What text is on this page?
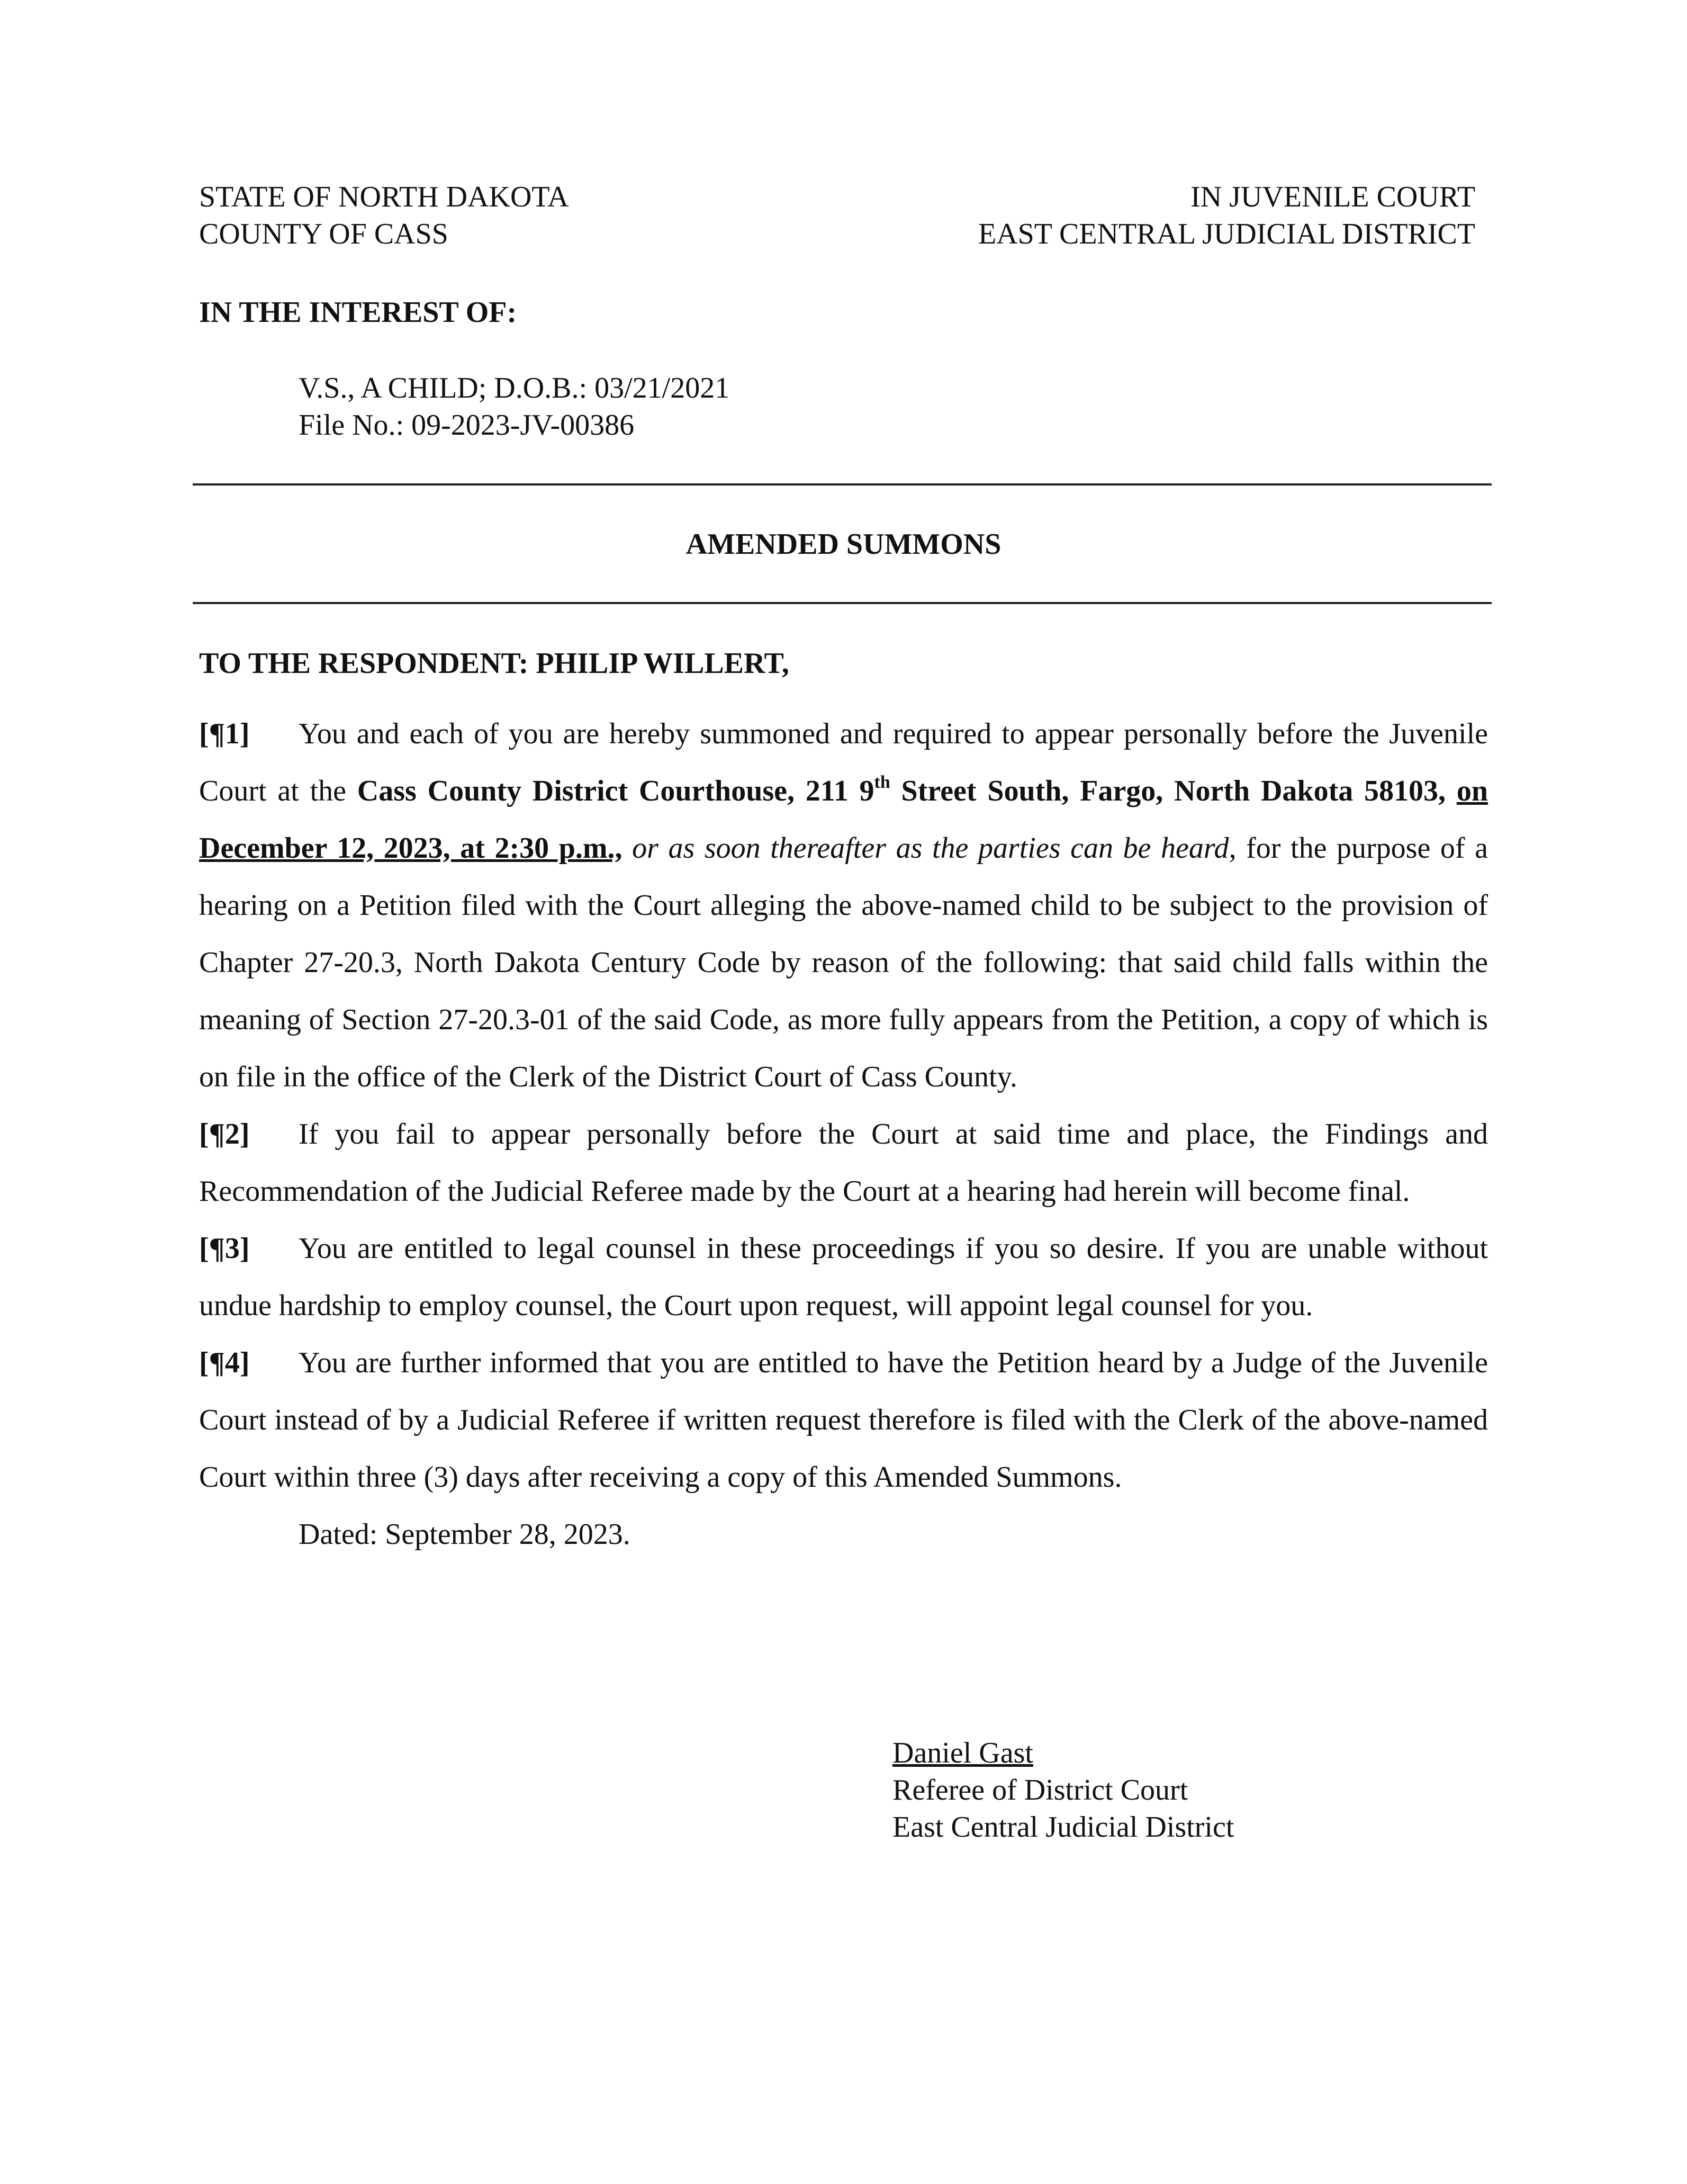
STATE OF NORTH DAKOTA
COUNTY OF CASS
IN JUVENILE COURT
EAST CENTRAL JUDICIAL DISTRICT
IN THE INTEREST OF:
V.S., A CHILD; D.O.B.: 03/21/2021
File No.: 09-2023-JV-00386
AMENDED SUMMONS
TO THE RESPONDENT: PHILIP WILLERT,
[¶1] You and each of you are hereby summoned and required to appear personally before the Juvenile Court at the Cass County District Courthouse, 211 9th Street South, Fargo, North Dakota 58103, on December 12, 2023, at 2:30 p.m., or as soon thereafter as the parties can be heard, for the purpose of a hearing on a Petition filed with the Court alleging the above-named child to be subject to the provision of Chapter 27-20.3, North Dakota Century Code by reason of the following: that said child falls within the meaning of Section 27-20.3-01 of the said Code, as more fully appears from the Petition, a copy of which is on file in the office of the Clerk of the District Court of Cass County.
[¶2] If you fail to appear personally before the Court at said time and place, the Findings and Recommendation of the Judicial Referee made by the Court at a hearing had herein will become final.
[¶3] You are entitled to legal counsel in these proceedings if you so desire. If you are unable without undue hardship to employ counsel, the Court upon request, will appoint legal counsel for you.
[¶4] You are further informed that you are entitled to have the Petition heard by a Judge of the Juvenile Court instead of by a Judicial Referee if written request therefore is filed with the Clerk of the above-named Court within three (3) days after receiving a copy of this Amended Summons.
Dated: September 28, 2023.
Daniel Gast
Referee of District Court
East Central Judicial District
